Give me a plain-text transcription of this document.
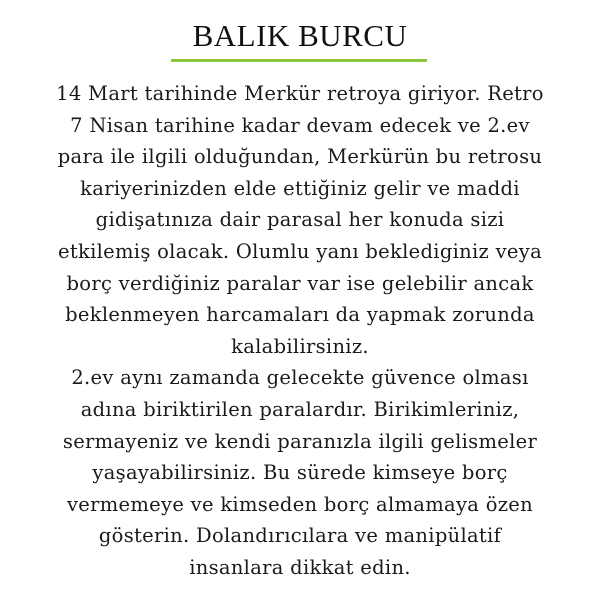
BALIK BURCU
14 Mart tarihinde Merkür retroya giriyor. Retro
7 Nisan tarihine kadar devam edecek ve 2.ev
para ile ilgili olduğundan, Merkürün bu retrosu
kariyerinizden elde ettiğiniz gelir ve maddi
gidişatınıza dair parasal her konuda sizi
etkilemiş olacak. Olumlu yanı beklediginiz veya
borç verdiğiniz paralar var ise gelebilir ancak
beklenmeyen harcamaları da yapmak zorunda
kalabilirsiniz.
2.ev aynı zamanda gelecekte güvence olması
adına biriktirilen paralardır. Birikimleriniz,
sermayeniz ve kendi paranızla ilgili gelismeler
yaşayabilirsiniz. Bu sürede kimseye borç
vermemeye ve kimseden borç almamaya özen
gösterin. Dolandırıcılara ve manipülatif
insanlara dikkat edin.
